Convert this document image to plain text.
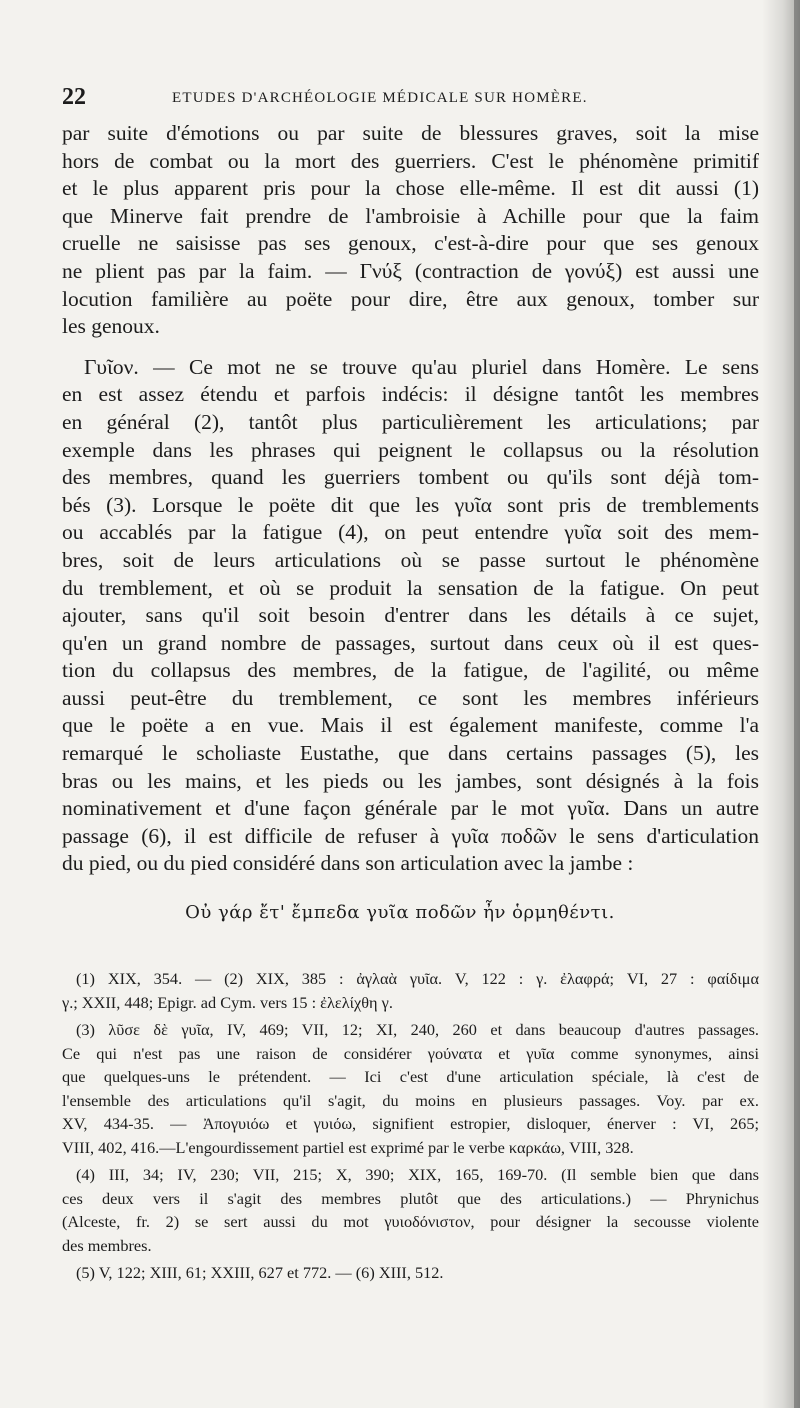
22	ETUDES D'ARCHÉOLOGIE MÉDICALE SUR HOMÈRE.
par suite d'émotions ou par suite de blessures graves, soit la mise
hors de combat ou la mort des guerriers. C'est le phénomène primitif
et le plus apparent pris pour la chose elle-même. Il est dit aussi (1)
que Minerve fait prendre de l'ambroisie à Achille pour que la faim
cruelle ne saisisse pas ses genoux, c'est-à-dire pour que ses genoux
ne plient pas par la faim. — Γνύξ (contraction de γονύξ) est aussi une
locution familière au poëte pour dire, être aux genoux, tomber sur
les genoux.
Γυῖον. — Ce mot ne se trouve qu'au pluriel dans Homère. Le sens
en est assez étendu et parfois indécis: il désigne tantôt les membres
en général (2), tantôt plus particulièrement les articulations; par
exemple dans les phrases qui peignent le collapsus ou la résolution
des membres, quand les guerriers tombent ou qu'ils sont déjà tom-
bés (3). Lorsque le poëte dit que les γυῖα sont pris de tremblements
ou accablés par la fatigue (4), on peut entendre γυῖα soit des mem-
bres, soit de leurs articulations où se passe surtout le phénomène
du tremblement, et où se produit la sensation de la fatigue. On peut
ajouter, sans qu'il soit besoin d'entrer dans les détails à ce sujet,
qu'en un grand nombre de passages, surtout dans ceux où il est ques-
tion du collapsus des membres, de la fatigue, de l'agilité, ou même
aussi peut-être du tremblement, ce sont les membres inférieurs
que le poëte a en vue. Mais il est également manifeste, comme l'a
remarqué le scholiaste Eustathe, que dans certains passages (5), les
bras ou les mains, et les pieds ou les jambes, sont désignés à la fois
nominativement et d'une façon générale par le mot γυῖα. Dans un autre
passage (6), il est difficile de refuser à γυῖα ποδῶν le sens d'articulation
du pied, ou du pied considéré dans son articulation avec la jambe :
Οὐ γάρ ἔτ' ἔμπεδα γυῖα ποδῶν ἦν ὁρμηθέντι.
(1) XIX, 354. — (2) XIX, 385 : ἀγλαὰ γυῖα. V, 122 : γ. ἐλαφρά; VI, 27 : φαίδιμα
γ.; XXII, 448; Epigr. ad Cym. vers 15 : ἐλελίχθη γ.
(3) λῦσε δὲ γυῖα, IV, 469; VII, 12; XI, 240, 260 et dans beaucoup d'autres passages.
Ce qui n'est pas une raison de considérer γούνατα et γυῖα comme synonymes, ainsi
que quelques-uns le prétendent. — Ici c'est d'une articulation spéciale, là c'est de
l'ensemble des articulations qu'il s'agit, du moins en plusieurs passages. Voy. par ex.
XV, 434-35. — Ἀπογυιόω et γυιόω, signifient estropier, disloquer, énerver : VI, 265;
VIII, 402, 416.—L'engourdissement partiel est exprimé par le verbe καρκάω, VIII, 328.
(4) III, 34; IV, 230; VII, 215; X, 390; XIX, 165, 169-70. (Il semble bien que dans
ces deux vers il s'agit des membres plutôt que des articulations.) — Phrynichus
(Alceste, fr. 2) se sert aussi du mot γυιοδόνιστον, pour désigner la secousse violente
des membres.
(5) V, 122; XIII, 61; XXIII, 627 et 772. — (6) XIII, 512.
